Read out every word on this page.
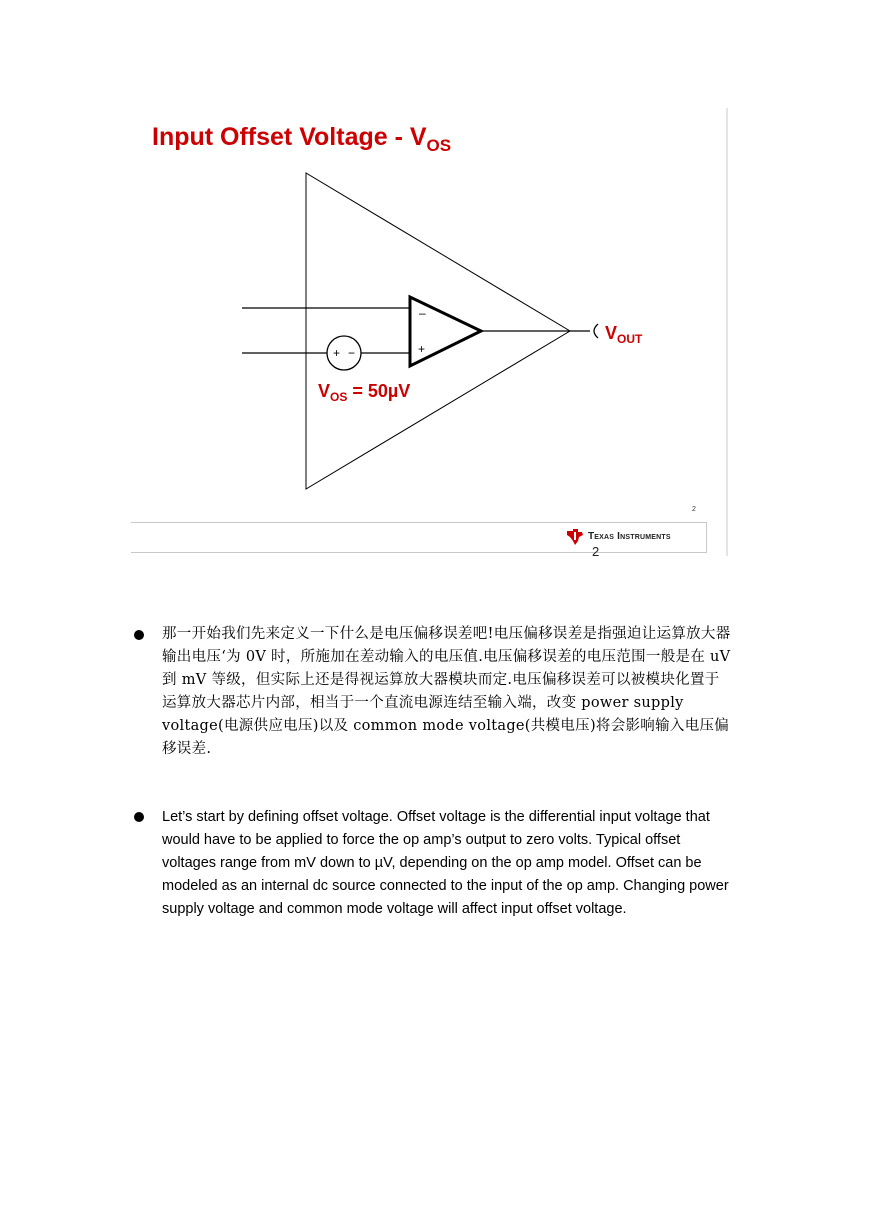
Input Offset Voltage - $V_{OS}$
+ −
–
+
$V_{OUT}$
$V_{OS} = 50\mu V$
2
Texas Instruments
2

那一开始我们先来定义一下什么是电压偏移误差吧!电压偏移误差是指强迫让运算放大器输出电压‘为 0V 时，所施加在差动输入的电压值.电压偏移误差的电压范围一般是在 uV 到 mV 等级，但实际上还是得视运算放大器模块而定.电压偏移误差可以被模块化置于运算放大器芯片内部，相当于一个直流电源连结至输入端，改变 power supply voltage(电源供应电压)以及 common mode voltage(共模电压)将会影响输入电压偏移误差.

Let’s start by defining offset voltage. Offset voltage is the differential input voltage that would have to be applied to force the op amp’s output to zero volts. Typical offset voltages range from mV down to µV, depending on the op amp model. Offset can be modeled as an internal dc source connected to the input of the op amp. Changing power supply voltage and common mode voltage will affect input offset voltage.
